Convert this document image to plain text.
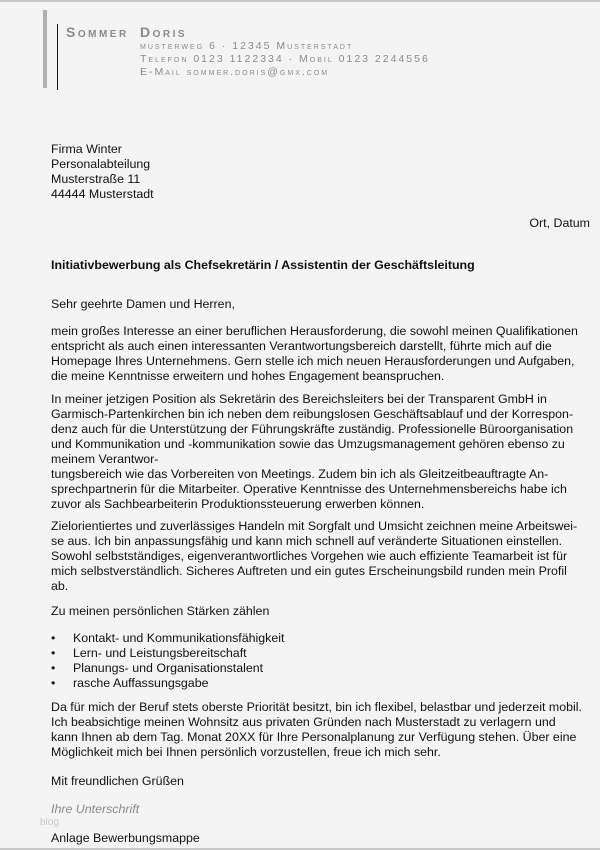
Sommer Doris
musterweg 6 · 12345 Musterstadt
Telefon 0123 1122334 · Mobil 0123 2244556
E-Mail sommer.doris@gmx.com
Firma Winter
Personalabteilung
Musterstraße 11
44444 Musterstadt
Ort, Datum
Initiativbewerbung als Chefsekretärin / Assistentin der Geschäftsleitung
Sehr geehrte Damen und Herren,
mein großes Interesse an einer beruflichen Herausforderung, die sowohl meinen Qualifikationen
entspricht als auch einen interessanten Verantwortungsbereich darstellt, führte mich auf die
Homepage Ihres Unternehmens. Gern stelle ich mich neuen Herausforderungen und Aufgaben,
die meine Kenntnisse erweitern und hohes Engagement beanspruchen.
In meiner jetzigen Position als Sekretärin des Bereichsleiters bei der Transparent GmbH in
Garmisch-Partenkirchen bin ich neben dem reibungslosen Geschäftsablauf und der Korrespon-
denz auch für die Unterstützung der Führungskräfte zuständig. Professionelle Büroorganisation
und Kommunikation und -kommunikation sowie das Umzugsmanagement gehören ebenso zu meinem Verantwor-
tungsbereich wie das Vorbereiten von Meetings. Zudem bin ich als Gleitzeitbeauftragte An-
sprechpartnerin für die Mitarbeiter. Operative Kenntnisse des Unternehmensbereichs habe ich
zuvor als Sachbearbeiterin Produktionssteuerung erwerben können.
Zielorientiertes und zuverlässiges Handeln mit Sorgfalt und Umsicht zeichnen meine Arbeitswei-
se aus. Ich bin anpassungsfähig und kann mich schnell auf veränderte Situationen einstellen.
Sowohl selbstständiges, eigenverantwortliches Vorgehen wie auch effiziente Teamarbeit ist für
mich selbstverständlich. Sicheres Auftreten und ein gutes Erscheinungsbild runden mein Profil
ab.
Zu meinen persönlichen Stärken zählen
•	Kontakt- und Kommunikationsfähigkeit
•	Lern- und Leistungsbereitschaft
•	Planungs- und Organisationstalent
•	rasche Auffassungsgabe
Da für mich der Beruf stets oberste Priorität besitzt, bin ich flexibel, belastbar und jederzeit mobil.
Ich beabsichtige meinen Wohnsitz aus privaten Gründen nach Musterstadt zu verlagern und
kann Ihnen ab dem Tag. Monat 20XX für Ihre Personalplanung zur Verfügung stehen. Über eine
Möglichkeit mich bei Ihnen persönlich vorzustellen, freue ich mich sehr.
Mit freundlichen Grüßen
Ihre Unterschrift
blog
Anlage Bewerbungsmappe
